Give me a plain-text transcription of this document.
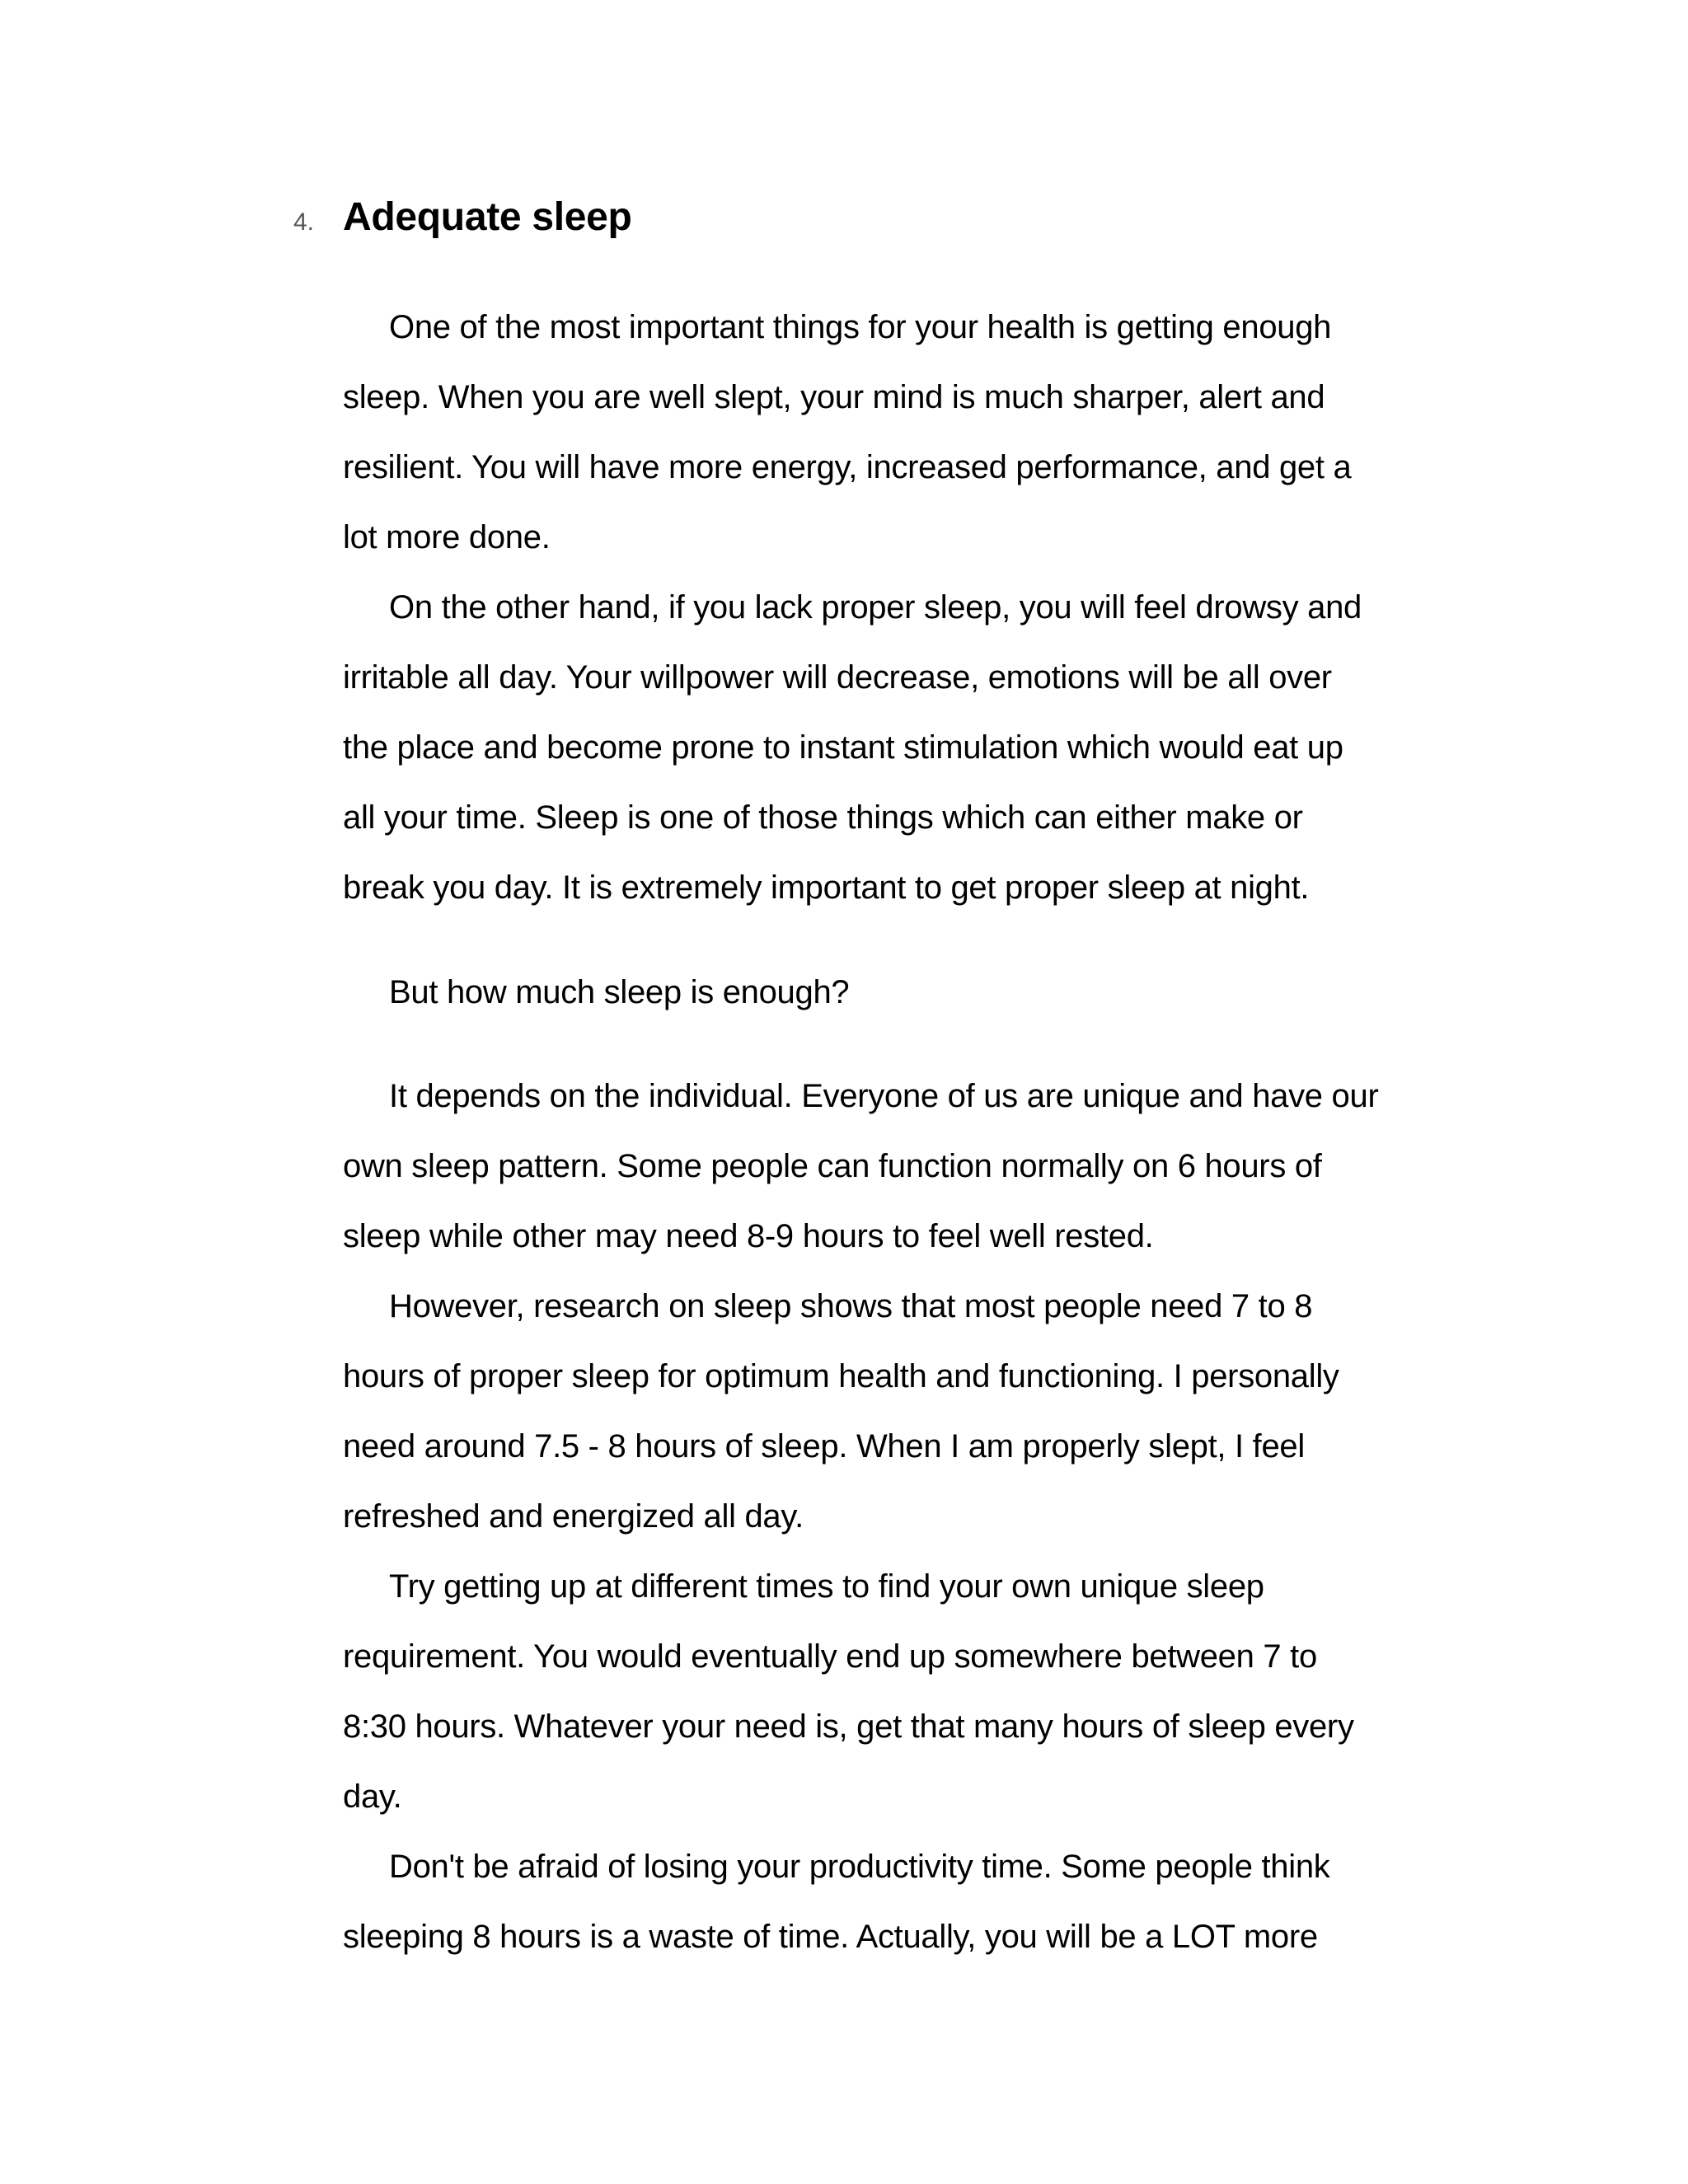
4. Adequate sleep
One of the most important things for your health is getting enough
sleep. When you are well slept, your mind is much sharper, alert and
resilient. You will have more energy, increased performance, and get a
lot more done.
On the other hand, if you lack proper sleep, you will feel drowsy and
irritable all day. Your willpower will decrease, emotions will be all over
the place and become prone to instant stimulation which would eat up
all your time. Sleep is one of those things which can either make or
break you day. It is extremely important to get proper sleep at night.
But how much sleep is enough?
It depends on the individual. Everyone of us are unique and have our
own sleep pattern. Some people can function normally on 6 hours of
sleep while other may need 8-9 hours to feel well rested.
However, research on sleep shows that most people need 7 to 8
hours of proper sleep for optimum health and functioning. I personally
need around 7.5 - 8 hours of sleep. When I am properly slept, I feel
refreshed and energized all day.
Try getting up at different times to find your own unique sleep
requirement. You would eventually end up somewhere between 7 to
8:30 hours. Whatever your need is, get that many hours of sleep every
day.
Don't be afraid of losing your productivity time. Some people think
sleeping 8 hours is a waste of time. Actually, you will be a LOT more
